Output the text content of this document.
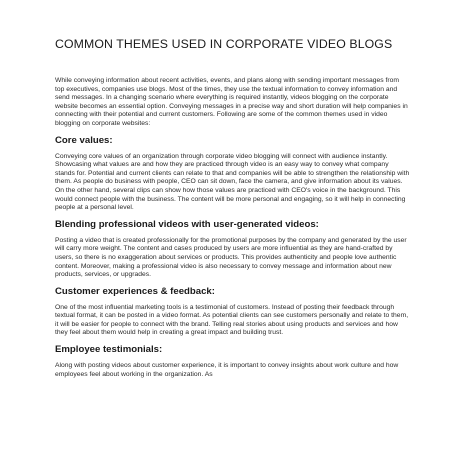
COMMON THEMES USED IN CORPORATE VIDEO BLOGS

While conveying information about recent activities, events, and plans along with sending important messages from top executives, companies use blogs. Most of the times, they use the textual information to convey information and send messages. In a changing scenario where everything is required instantly, videos blogging on the corporate website becomes an essential option. Conveying messages in a precise way and short duration will help companies in connecting with their potential and current customers. Following are some of the common themes used in video blogging on corporate websites:

Core values:

Conveying core values of an organization through corporate video blogging will connect with audience instantly. Showcasing what values are and how they are practiced through video is an easy way to convey what company stands for. Potential and current clients can relate to that and companies will be able to strengthen the relationship with them. As people do business with people, CEO can sit down, face the camera, and give information about its values. On the other hand, several clips can show how those values are practiced with CEO's voice in the background. This would connect people with the business. The content will be more personal and engaging, so it will help in connecting people at a personal level.

Blending professional videos with user-generated videos:

Posting a video that is created professionally for the promotional purposes by the company and generated by the user will carry more weight. The content and cases produced by users are more influential as they are hand-crafted by users, so there is no exaggeration about services or products. This provides authenticity and people love authentic content. Moreover, making a professional video is also necessary to convey message and information about new products, services, or upgrades.

Customer experiences & feedback:

One of the most influential marketing tools is a testimonial of customers. Instead of posting their feedback through textual format, it can be posted in a video format. As potential clients can see customers personally and relate to them, it will be easier for people to connect with the brand. Telling real stories about using products and services and how they feel about them would help in creating a great impact and building trust.

Employee testimonials:

Along with posting videos about customer experience, it is important to convey insights about work culture and how employees feel about working in the organization. As
